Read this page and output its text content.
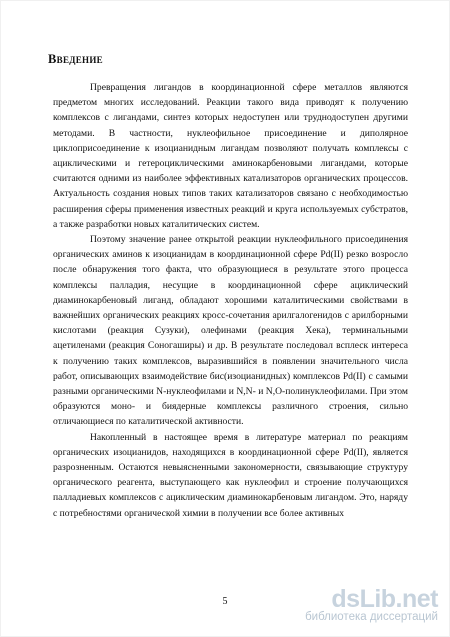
Введение

Превращения лигандов в координационной сфере металлов являются предметом многих исследований. Реакции такого вида приводят к получению комплексов с лигандами, синтез которых недоступен или труднодоступен другими методами. В частности, нуклеофильное присоединение и диполярное циклоприсоединение к изоцианидным лигандам позволяют получать комплексы с ациклическими и гетероциклическими аминокарбеновыми лигандами, которые считаются одними из наиболее эффективных катализаторов органических процессов. Актуальность создания новых типов таких катализаторов связано с необходимостью расширения сферы применения известных реакций и круга используемых субстратов, а также разработки новых каталитических систем.

Поэтому значение ранее открытой реакции нуклеофильного присоединения органических аминов к изоцианидам в координационной сфере Pd(II) резко возросло после обнаружения того факта, что образующиеся в результате этого процесса комплексы палладия, несущие в координационной сфере ациклический диаминокарбеновый лиганд, обладают хорошими каталитическими свойствами в важнейших органических реакциях кросс-сочетания арилгалогенидов с арилборными кислотами (реакция Сузуки), олефинами (реакция Хека), терминальными ацетиленами (реакция Соногаширы) и др. В результате последовал всплеск интереса к получению таких комплексов, выразившийся в появлении значительного числа работ, описывающих взаимодействие бис(изоцианидных) комплексов Pd(II) с самыми разными органическими N-нуклеофилами и N,N- и N,O-полинуклеофилами. При этом образуются моно- и биядерные комплексы различного строения, сильно отличающиеся по каталитической активности.

Накопленный в настоящее время в литературе материал по реакциям органических изоцианидов, находящихся в координационной сфере Pd(II), является разрозненным. Остаются невыясненными закономерности, связывающие структуру органического реагента, выступающего как нуклеофил и строение получающихся палладиевых комплексов с ациклическим диаминокарбеновым лигандом. Это, наряду с потребностями органической химии в получении все более активных

5	dsLib.net
библиотека диссертаций
